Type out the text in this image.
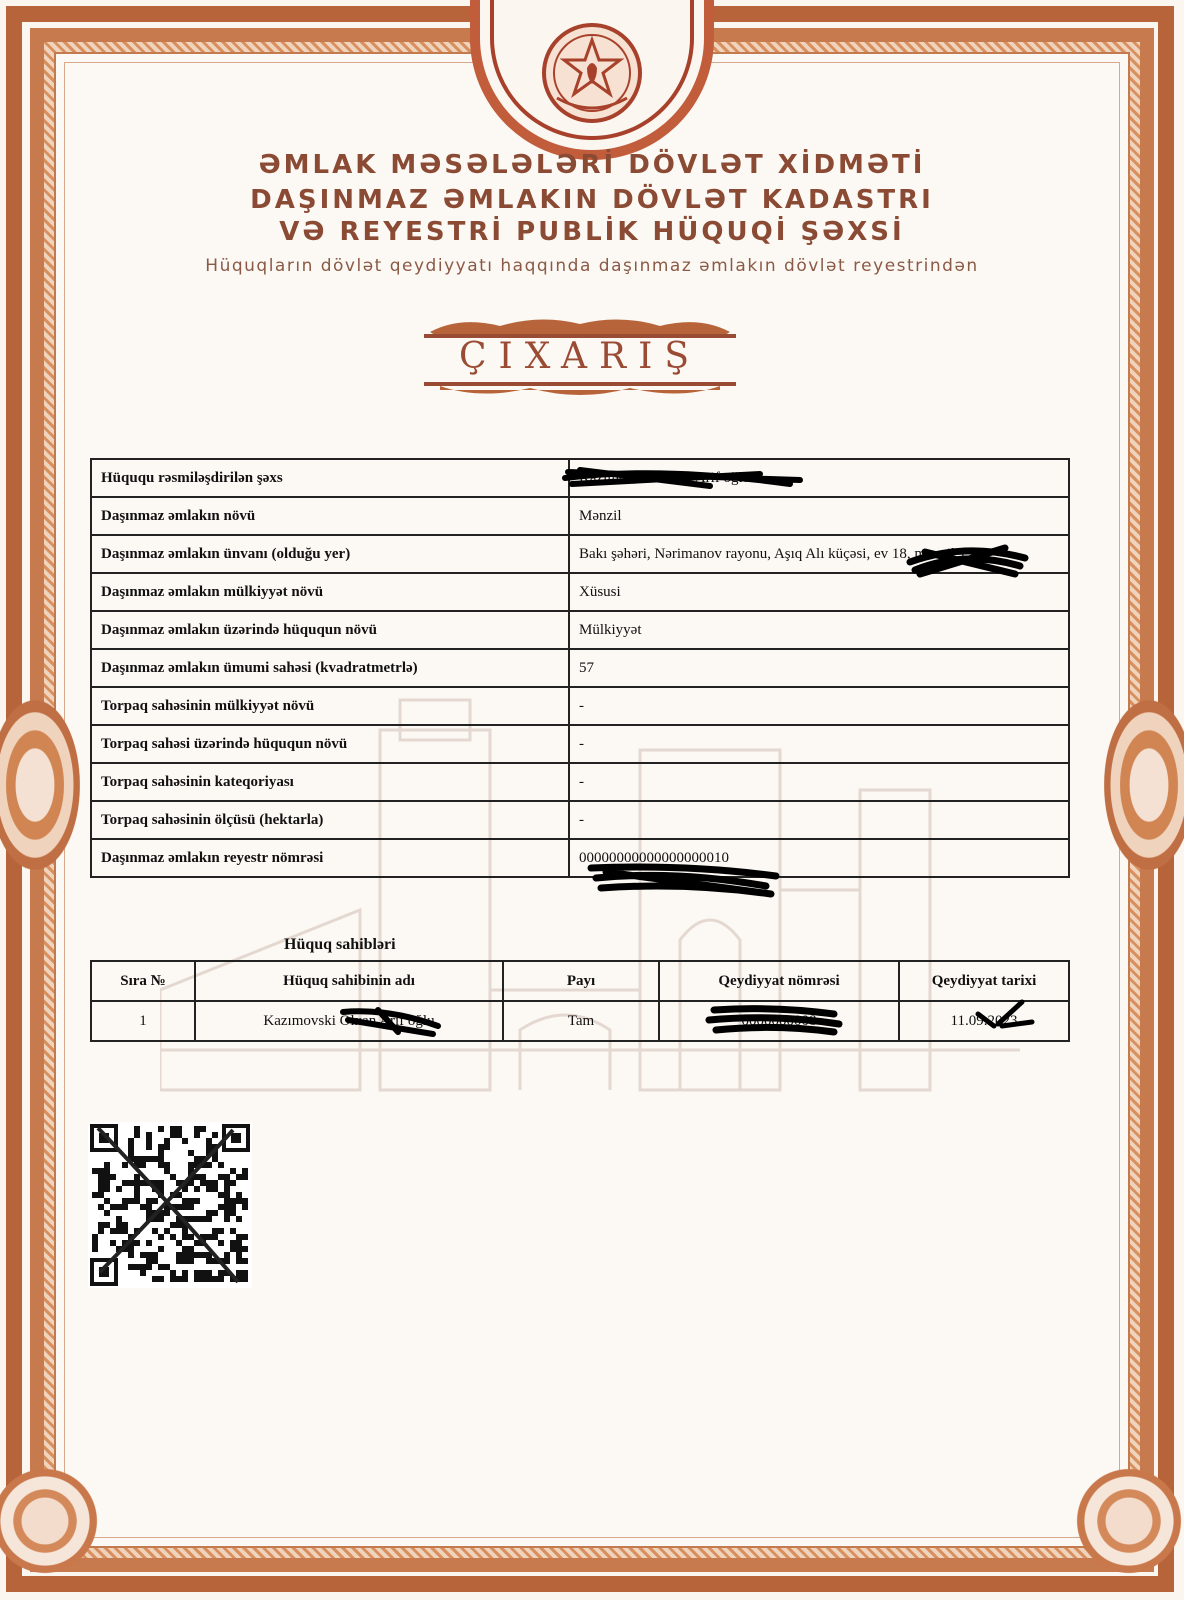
ƏMLAK MƏSƏLƏLƏRİ DÖVLƏT XİDMƏTİ
DAŞINMAZ ƏMLAKIN DÖVLƏT KADASTRI
VƏ REYESTRİ PUBLİK HÜQUQİ ŞƏXSİ
Hüquqların dövlət qeydiyyatı haqqında daşınmaz əmlakın dövlət reyestrindən
ÇIXARIŞ
Hüququ rəsmiləşdirilən şəxs	Kazımovski Olxan Arif oğlu
Daşınmaz əmlakın növü	Mənzil
Daşınmaz əmlakın ünvanı (olduğu yer)	Bakı şəhəri, Nərimanov rayonu, Aşıq Alı küçəsi, ev 18, mənzil 1
Daşınmaz əmlakın mülkiyyət növü	Xüsusi
Daşınmaz əmlakın üzərində hüququn növü	Mülkiyyət
Daşınmaz əmlakın ümumi sahəsi (kvadratmetrlə)	57
Torpaq sahəsinin mülkiyyət növü	-
Torpaq sahəsi üzərində hüququn növü	-
Torpaq sahəsinin kateqoriyası	-
Torpaq sahəsinin ölçüsü (hektarla)	-
Daşınmaz əmlakın reyestr nömrəsi	00000000000000000010
Hüquq sahibləri
Sıra №	Hüquq sahibinin adı	Payı	Qeydiyyat nömrəsi	Qeydiyyat tarixi
1	Kazımovski Olxan Arif oğlu	Tam	0000000008	11.09.2023
